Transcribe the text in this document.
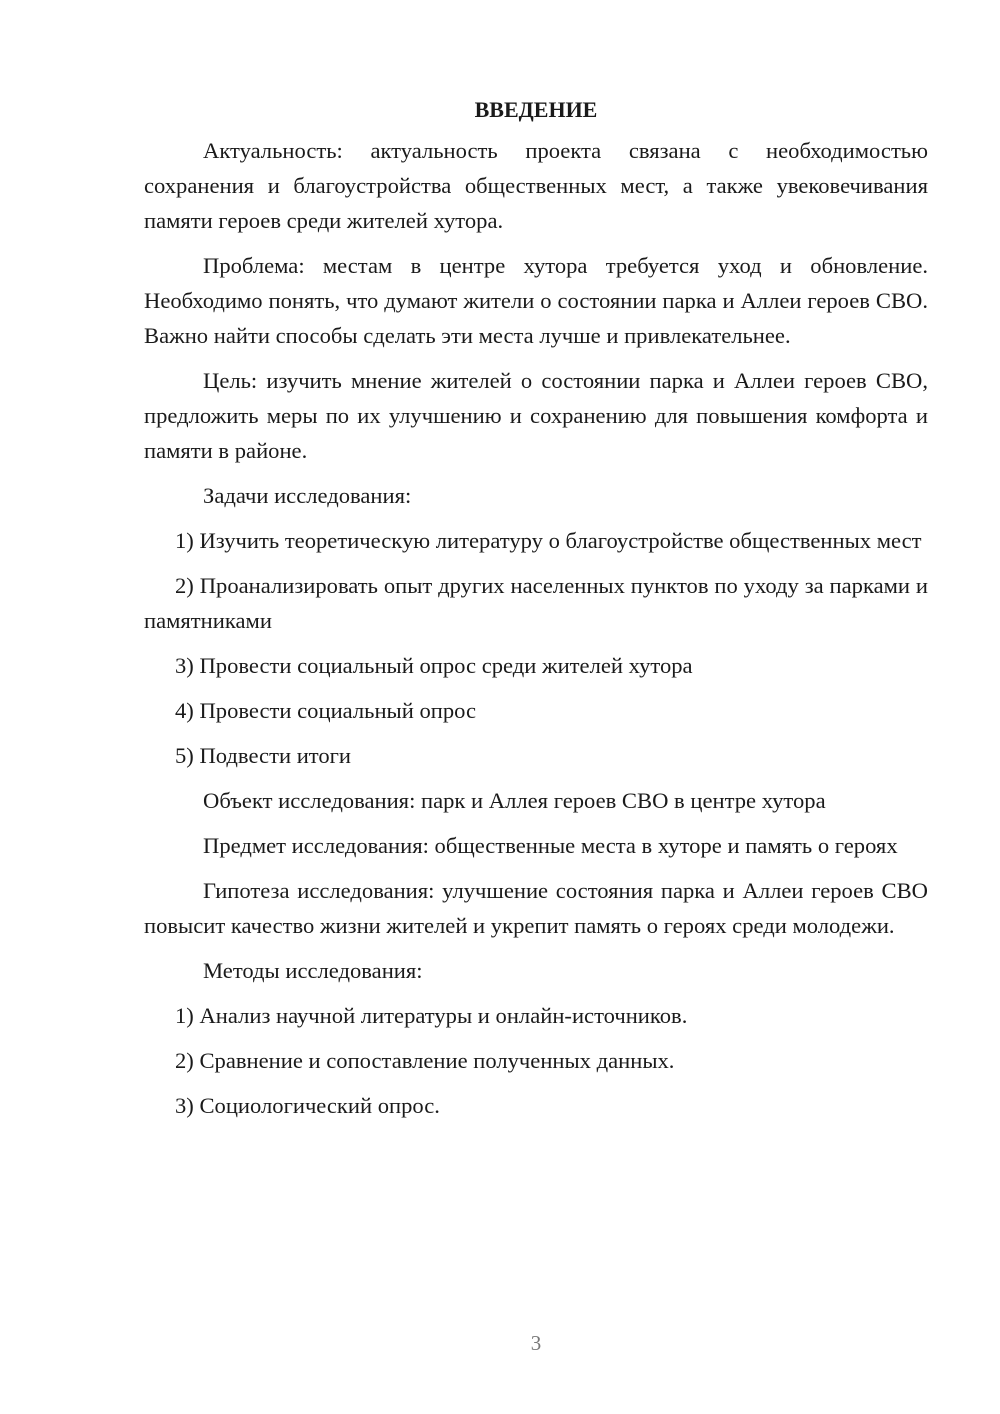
ВВЕДЕНИЕ

Актуальность: актуальность проекта связана с необходимостью сохранения и благоустройства общественных мест, а также увековечивания памяти героев среди жителей хутора.

Проблема: местам в центре хутора требуется уход и обновление. Необходимо понять, что думают жители о состоянии парка и Аллеи героев СВО. Важно найти способы сделать эти места лучше и привлекательнее.

Цель: изучить мнение жителей о состоянии парка и Аллеи героев СВО, предложить меры по их улучшению и сохранению для повышения комфорта и памяти в районе.

Задачи исследования:

1) Изучить теоретическую литературу о благоустройстве общественных мест

2) Проанализировать опыт других населенных пунктов по уходу за парками и памятниками

3) Провести социальный опрос среди жителей хутора

4) Провести социальный опрос

5) Подвести итоги

Объект исследования: парк и Аллея героев СВО в центре хутора

Предмет исследования: общественные места в хуторе и память о героях

Гипотеза исследования: улучшение состояния парка и Аллеи героев СВО повысит качество жизни жителей и укрепит память о героях среди молодежи.

Методы исследования:

1) Анализ научной литературы и онлайн-источников.

2) Сравнение и сопоставление полученных данных.

3) Социологический опрос.

3
